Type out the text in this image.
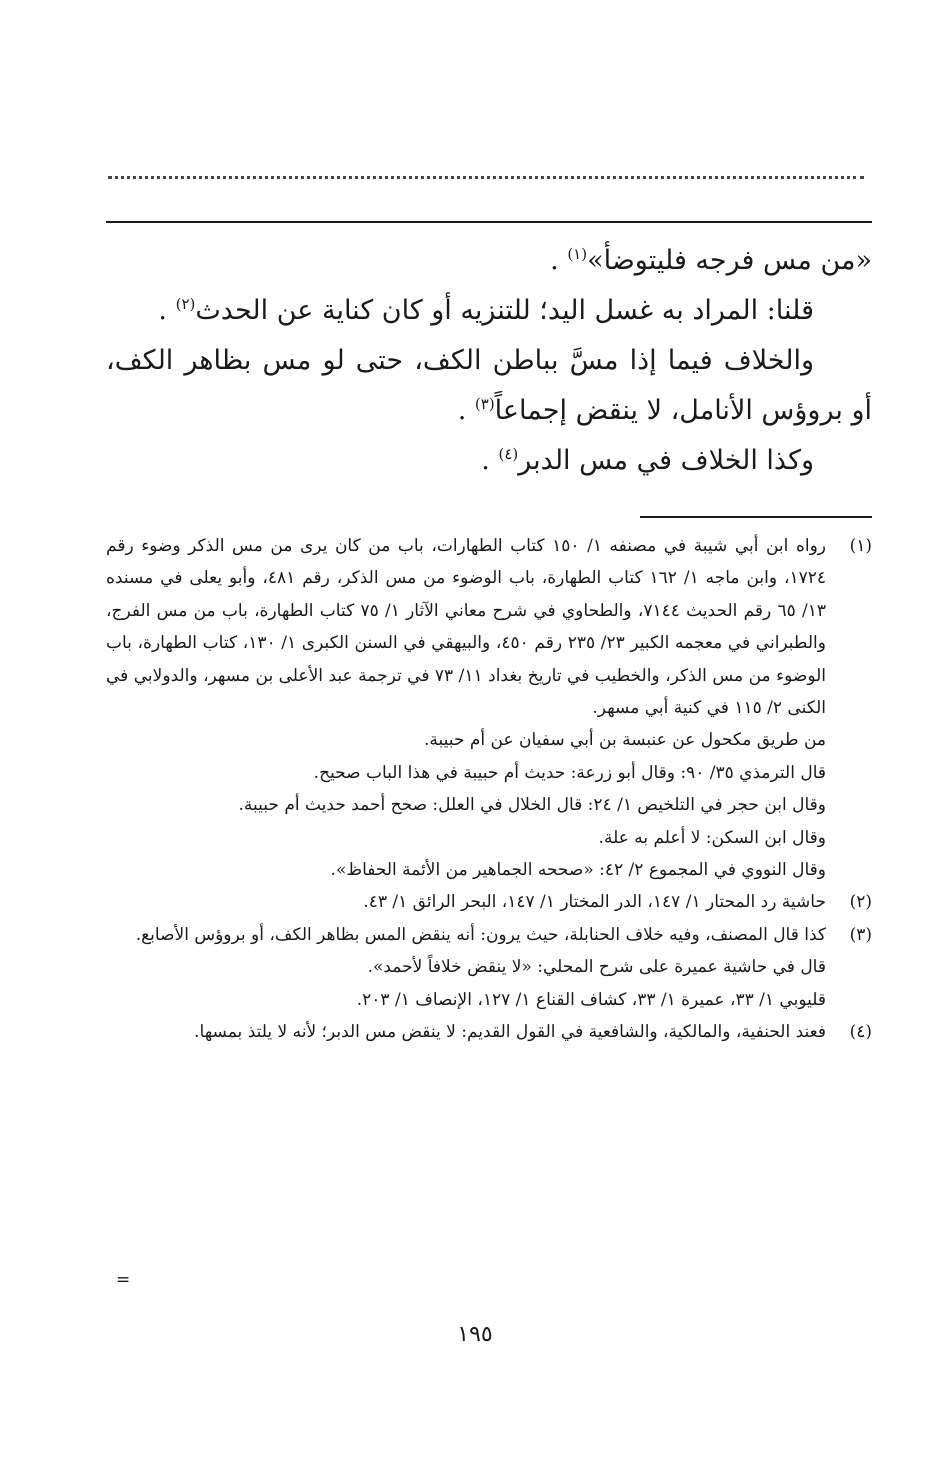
«من مس فرجه فليتوضأ»$^{(١)}$ .

قلنا: المراد به غسل اليد؛ للتنزيه أو كان كناية عن الحدث$^{(٢)}$ .

والخلاف فيما إذا مسَّ بباطن الكف، حتى لو مس بظاهر الكف، أو بروؤس الأنامل، لا ينقض إجماعاً$^{(٣)}$ .

وكذا الخلاف في مس الدبر$^{(٤)}$ .

(١)

رواه ابن أبي شيبة في مصنفه ١/ ١٥٠ كتاب الطهارات، باب من كان يرى من مس الذكر وضوء رقم ١٧٢٤، وابن ماجه ١/ ١٦٢ كتاب الطهارة، باب الوضوء من مس الذكر، رقم ٤٨١، وأبو يعلى في مسنده ١٣/ ٦٥ رقم الحديث ٧١٤٤، والطحاوي في شرح معاني الآثار ١/ ٧٥ كتاب الطهارة، باب من مس الفرج، والطبراني في معجمه الكبير ٢٣/ ٢٣٥ رقم ٤٥٠، والبيهقي في السنن الكبرى ١/ ١٣٠، كتاب الطهارة، باب الوضوء من مس الذكر، والخطيب في تاريخ بغداد ١١/ ٧٣ في ترجمة عبد الأعلى بن مسهر، والدولابي في الكنى ٢/ ١١٥ في كنية أبي مسهر.

من طريق مكحول عن عنبسة بن أبي سفيان عن أم حبيبة.

قال الترمذي ٣٥/ ٩٠: وقال أبو زرعة: حديث أم حبيبة في هذا الباب صحيح.

وقال ابن حجر في التلخيص ١/ ٢٤: قال الخلال في العلل: صحح أحمد حديث أم حبيبة.

وقال ابن السكن: لا أعلم به علة.

وقال النووي في المجموع ٢/ ٤٢: «صححه الجماهير من الأئمة الحفاظ».

(٢)

حاشية رد المحتار ١/ ١٤٧، الدر المختار ١/ ١٤٧، البحر الرائق ١/ ٤٣.

(٣)

كذا قال المصنف، وفيه خلاف الحنابلة، حيث يرون: أنه ينقض المس بظاهر الكف، أو بروؤس الأصابع.

قال في حاشية عميرة على شرح المحلي: «لا ينقض خلافاً لأحمد».

قليوبي ١/ ٣٣، عميرة ١/ ٣٣، كشاف القناع ١/ ١٢٧، الإنصاف ١/ ٢٠٣.

(٤)

فعند الحنفية، والمالكية، والشافعية في القول القديم: لا ينقض مس الدبر؛ لأنه لا يلتذ بمسها.

=
١٩٥
